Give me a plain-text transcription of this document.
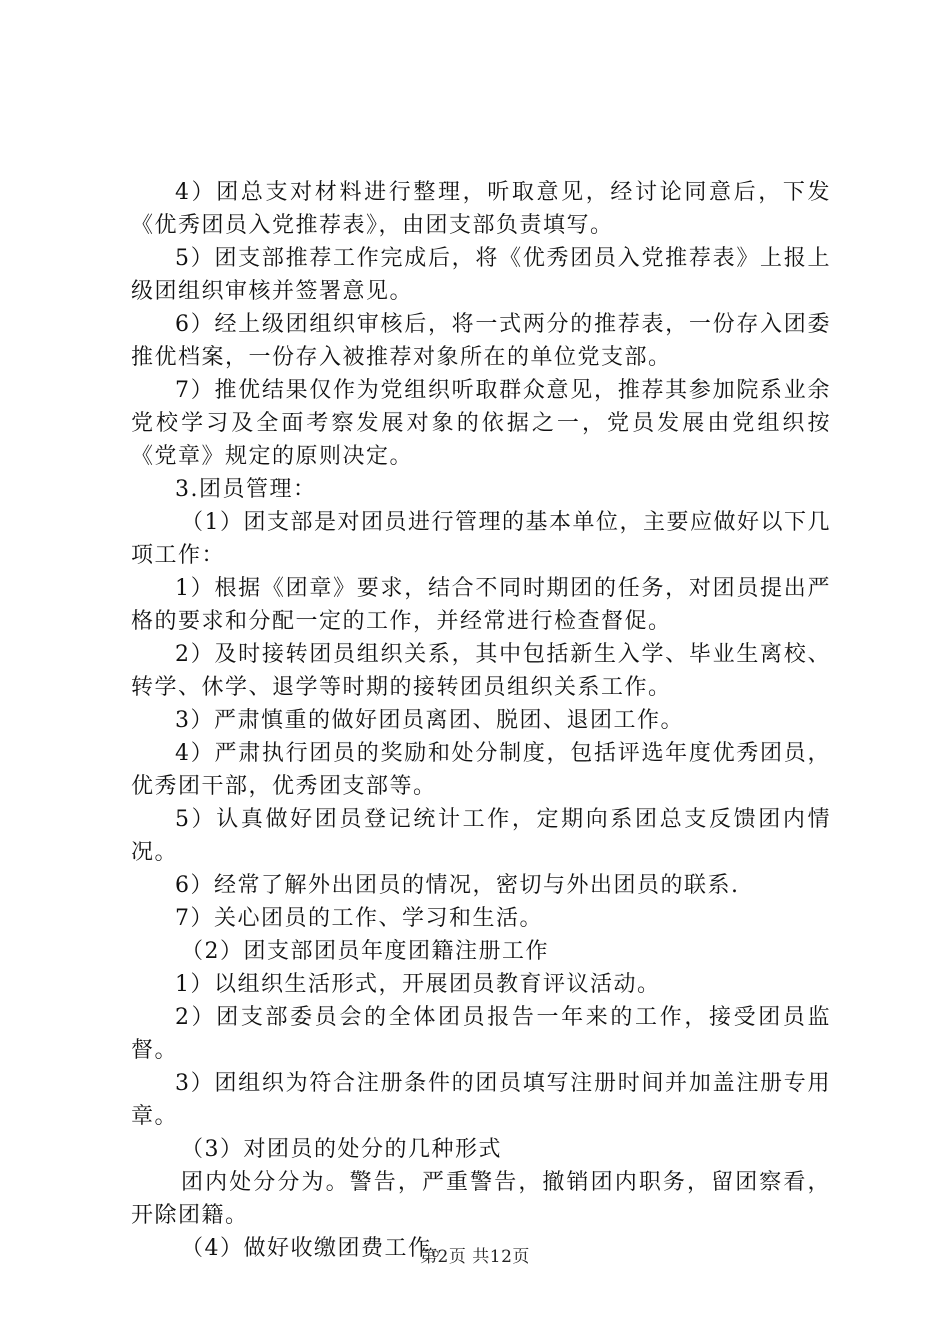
4）团总支对材料进行整理，听取意见，经讨论同意后，下发《优秀团员入党推荐表》，由团支部负责填写。

5）团支部推荐工作完成后，将《优秀团员入党推荐表》上报上级团组织审核并签署意见。

6）经上级团组织审核后，将一式两分的推荐表，一份存入团委推优档案，一份存入被推荐对象所在的单位党支部。

7）推优结果仅作为党组织听取群众意见，推荐其参加院系业余党校学习及全面考察发展对象的依据之一，党员发展由党组织按《党章》规定的原则决定。

3.团员管理：

（1）团支部是对团员进行管理的基本单位，主要应做好以下几项工作：

1）根据《团章》要求，结合不同时期团的任务，对团员提出严格的要求和分配一定的工作，并经常进行检查督促。

2）及时接转团员组织关系，其中包括新生入学、毕业生离校、转学、休学、退学等时期的接转团员组织关系工作。

3）严肃慎重的做好团员离团、脱团、退团工作。

4）严肃执行团员的奖励和处分制度，包括评选年度优秀团员，优秀团干部，优秀团支部等。

5）认真做好团员登记统计工作，定期向系团总支反馈团内情况。

6）经常了解外出团员的情况，密切与外出团员的联系.

7）关心团员的工作、学习和生活。

（2）团支部团员年度团籍注册工作

1）以组织生活形式，开展团员教育评议活动。

2）团支部委员会的全体团员报告一年来的工作，接受团员监督。

3）团组织为符合注册条件的团员填写注册时间并加盖注册专用章。

（3）对团员的处分的几种形式

团内处分分为。警告，严重警告，撤销团内职务，留团察看，开除团籍。

（4）做好收缴团费工作。

第2页 共12页
